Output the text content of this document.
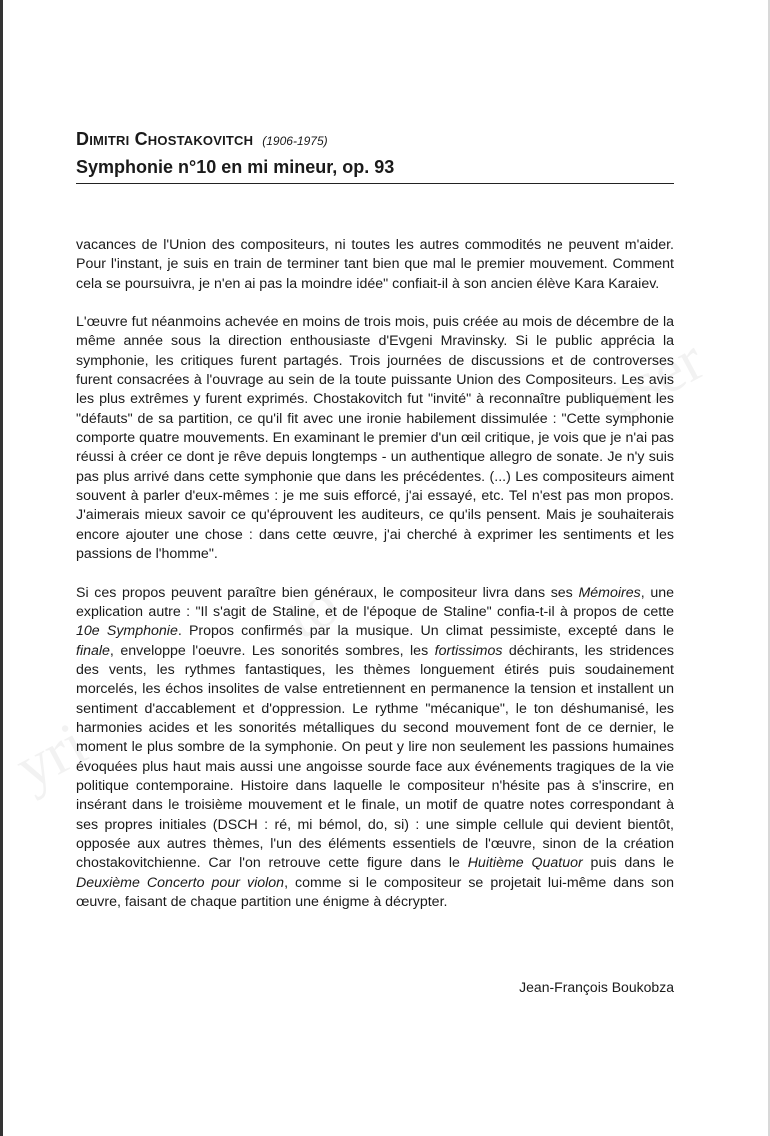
yri
to
eser
Dimitri Chostakovitch (1906-1975)
Symphonie n°10 en mi mineur, op. 93

vacances de l'Union des compositeurs, ni toutes les autres commodités ne peuvent m'aider. Pour l'instant, je suis en train de terminer tant bien que mal le premier mouvement. Comment cela se poursuivra, je n'en ai pas la moindre idée" confiait-il à son ancien élève Kara Karaiev.

L'œuvre fut néanmoins achevée en moins de trois mois, puis créée au mois de décembre de la même année sous la direction enthousiaste d'Evgeni Mravinsky. Si le public apprécia la symphonie, les critiques furent partagés. Trois journées de discussions et de controverses furent consacrées à l'ouvrage au sein de la toute puissante Union des Compositeurs. Les avis les plus extrêmes y furent exprimés. Chostakovitch fut "invité" à reconnaître publiquement les "défauts" de sa partition, ce qu'il fit avec une ironie habilement dissimulée : "Cette symphonie comporte quatre mouvements. En examinant le premier d'un œil critique, je vois que je n'ai pas réussi à créer ce dont je rêve depuis longtemps - un authentique allegro de sonate. Je n'y suis pas plus arrivé dans cette symphonie que dans les précédentes. (...) Les compositeurs aiment souvent à parler d'eux-mêmes : je me suis efforcé, j'ai essayé, etc. Tel n'est pas mon propos. J'aimerais mieux savoir ce qu'éprouvent les auditeurs, ce qu'ils pensent. Mais je souhaiterais encore ajouter une chose : dans cette œuvre, j'ai cherché à exprimer les sentiments et les passions de l'homme".

Si ces propos peuvent paraître bien généraux, le compositeur livra dans ses Mémoires, une explication autre : "Il s'agit de Staline, et de l'époque de Staline" confia-t-il à propos de cette 10e Symphonie. Propos confirmés par la musique. Un climat pessimiste, excepté dans le finale, enveloppe l'oeuvre. Les sonorités sombres, les fortissimos déchirants, les stridences des vents, les rythmes fantastiques, les thèmes longuement étirés puis soudainement morcelés, les échos insolites de valse entretiennent en permanence la tension et installent un sentiment d'accablement et d'oppression. Le rythme "mécanique", le ton déshumanisé, les harmonies acides et les sonorités métalliques du second mouvement font de ce dernier, le moment le plus sombre de la symphonie. On peut y lire non seulement les passions humaines évoquées plus haut mais aussi une angoisse sourde face aux événements tragiques de la vie politique contemporaine. Histoire dans laquelle le compositeur n'hésite pas à s'inscrire, en insérant dans le troisième mouvement et le finale, un motif de quatre notes correspondant à ses propres initiales (DSCH : ré, mi bémol, do, si) : une simple cellule qui devient bientôt, opposée aux autres thèmes, l'un des éléments essentiels de l'œuvre, sinon de la création chostakovitchienne. Car l'on retrouve cette figure dans le Huitième Quatuor puis dans le Deuxième Concerto pour violon, comme si le compositeur se projetait lui-même dans son œuvre, faisant de chaque partition une énigme à décrypter.

Jean-François Boukobza
